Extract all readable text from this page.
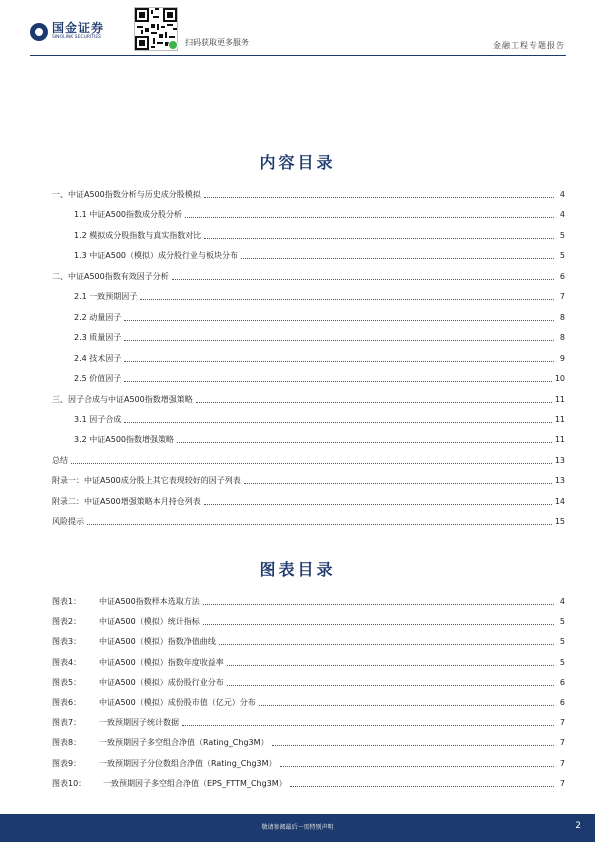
国金证券
SINOLINK SECURITIES
扫码获取更多服务	金融工程专题报告
内容目录
一、中证A500指数分析与历史成分股模拟	4
1.1 中证A500指数成分股分析	4
1.2 模拟成分股指数与真实指数对比	5
1.3 中证A500（模拟）成分股行业与板块分布	5
二、中证A500指数有效因子分析	6
2.1 一致预期因子	7
2.2 动量因子	8
2.3 质量因子	8
2.4 技术因子	9
2.5 价值因子	10
三、因子合成与中证A500指数增强策略	11
3.1 因子合成	11
3.2 中证A500指数增强策略	11
总结	13
附录一：中证A500成分股上其它表现较好的因子列表	13
附录二：中证A500增强策略本月持仓列表	14
风险提示	15
图表目录
图表1：	中证A500指数样本选取方法	4
图表2：	中证A500（模拟）统计指标	5
图表3：	中证A500（模拟）指数净值曲线	5
图表4：	中证A500（模拟）指数年度收益率	5
图表5：	中证A500（模拟）成份股行业分布	6
图表6：	中证A500（模拟）成份股市值（亿元）分布	6
图表7：	一致预期因子统计数据	7
图表8：	一致预期因子多空组合净值（Rating_Chg3M）	7
图表9：	一致预期因子分位数组合净值（Rating_Chg3M）	7
图表10：	一致预期因子多空组合净值（EPS_FTTM_Chg3M）	7
敬请参阅最后一页特别声明	2
